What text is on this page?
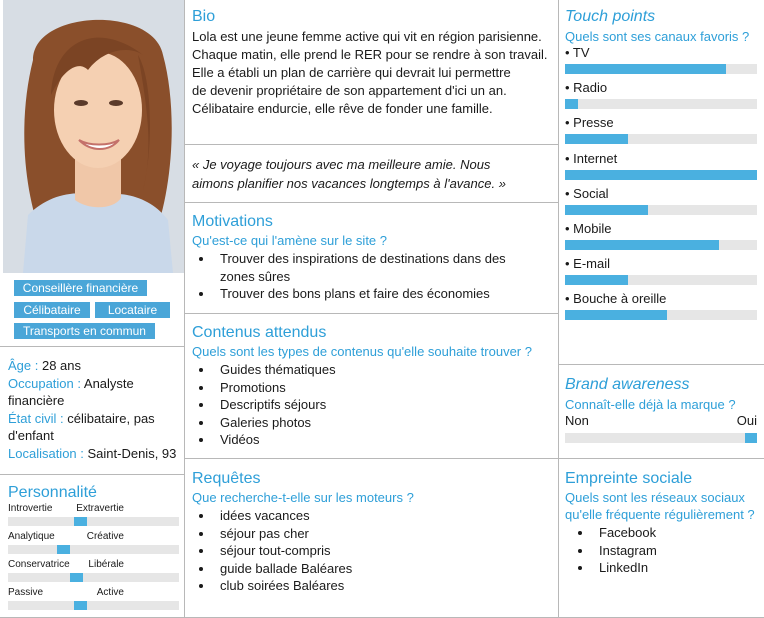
Conseillère financière
Célibataire	Locataire
Transports en commun
Âge : 28 ans
Occupation : Analyste financière
État civil : célibataire, pas d'enfant
Localisation : Saint-Denis, 93
Personnalité
Introvertie Extravertie
Analytique	Créative
Conservatrice Libérale
Passive	Active
Bio
Lola est une jeune femme active qui vit en région parisienne.
Chaque matin, elle prend le RER pour se rendre à son travail.
Elle a établi un plan de carrière qui devrait lui permettre
de devenir propriétaire de son appartement d'ici un an.
Célibataire endurcie, elle rêve de fonder une famille.
« Je voyage toujours avec ma meilleure amie. Nous
aimons planifier nos vacances longtemps à l'avance. »
Motivations
Qu'est-ce qui l'amène sur le site ?
• Trouver des inspirations de destinations dans des zones sûres
• Trouver des bons plans et faire des économies
Contenus attendus
Quels sont les types de contenus qu'elle souhaite trouver ?
• Guides thématiques
• Promotions
• Descriptifs séjours
• Galeries photos
• Vidéos
Requêtes
Que recherche-t-elle sur les moteurs ?
• idées vacances
• séjour pas cher
• séjour tout-compris
• guide ballade Baléares
• club soirées Baléares
Touch points
Quels sont ses canaux favoris ?
• TV
• Radio
• Presse
• Internet
• Social
• Mobile
• E-mail
• Bouche à oreille
Brand awareness
Connaît-elle déjà la marque ?
Non	Oui
Empreinte sociale
Quels sont les réseaux sociaux
qu'elle fréquente régulièrement ?
• Facebook
• Instagram
• LinkedIn
